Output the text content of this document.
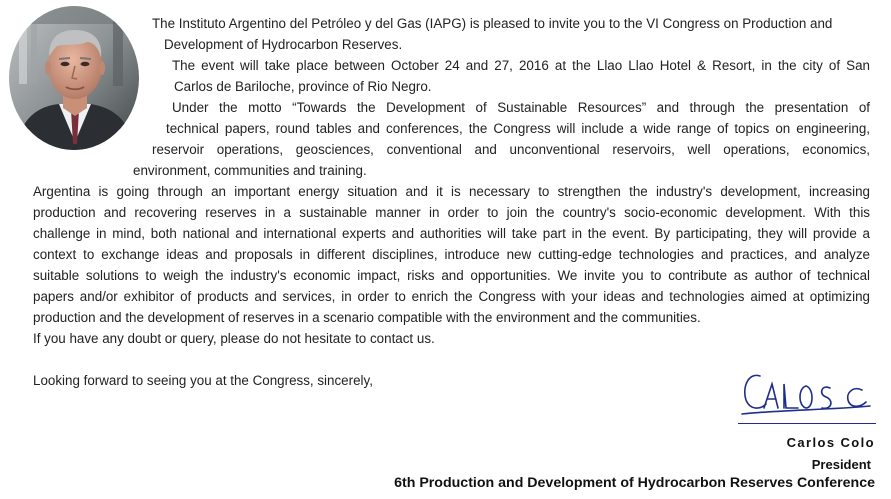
The Instituto Argentino del Petróleo y del Gas (IAPG) is pleased to invite you to the VI Congress on Production and
Development of Hydrocarbon Reserves.
The event will take place between October 24 and 27, 2016 at the Llao Llao Hotel & Resort, in the city of San
Carlos de Bariloche, province of Rio Negro.
Under the motto “Towards the Development of Sustainable Resources” and through the presentation of
technical papers, round tables and conferences, the Congress will include a wide range of topics on engineering,
reservoir operations, geosciences, conventional and unconventional reservoirs, well operations, economics,
environment, communities and training.
Argentina is going through an important energy situation and it is necessary to strengthen the industry's development, increasing
production and recovering reserves in a sustainable manner in order to join the country's socio-economic development. With this
challenge in mind, both national and international experts and authorities will take part in the event. By participating, they will provide a
context to exchange ideas and proposals in different disciplines, introduce new cutting-edge technologies and practices, and analyze
suitable solutions to weigh the industry's economic impact, risks and opportunities. We invite you to contribute as author of technical
papers and/or exhibitor of products and services, in order to enrich the Congress with your ideas and technologies aimed at optimizing
production and the development of reserves in a scenario compatible with the environment and the communities.
If you have any doubt or query, please do not hesitate to contact us.
Looking forward to seeing you at the Congress, sincerely,
Carlos Colo
President
6th Production and Development of Hydrocarbon Reserves Conference
